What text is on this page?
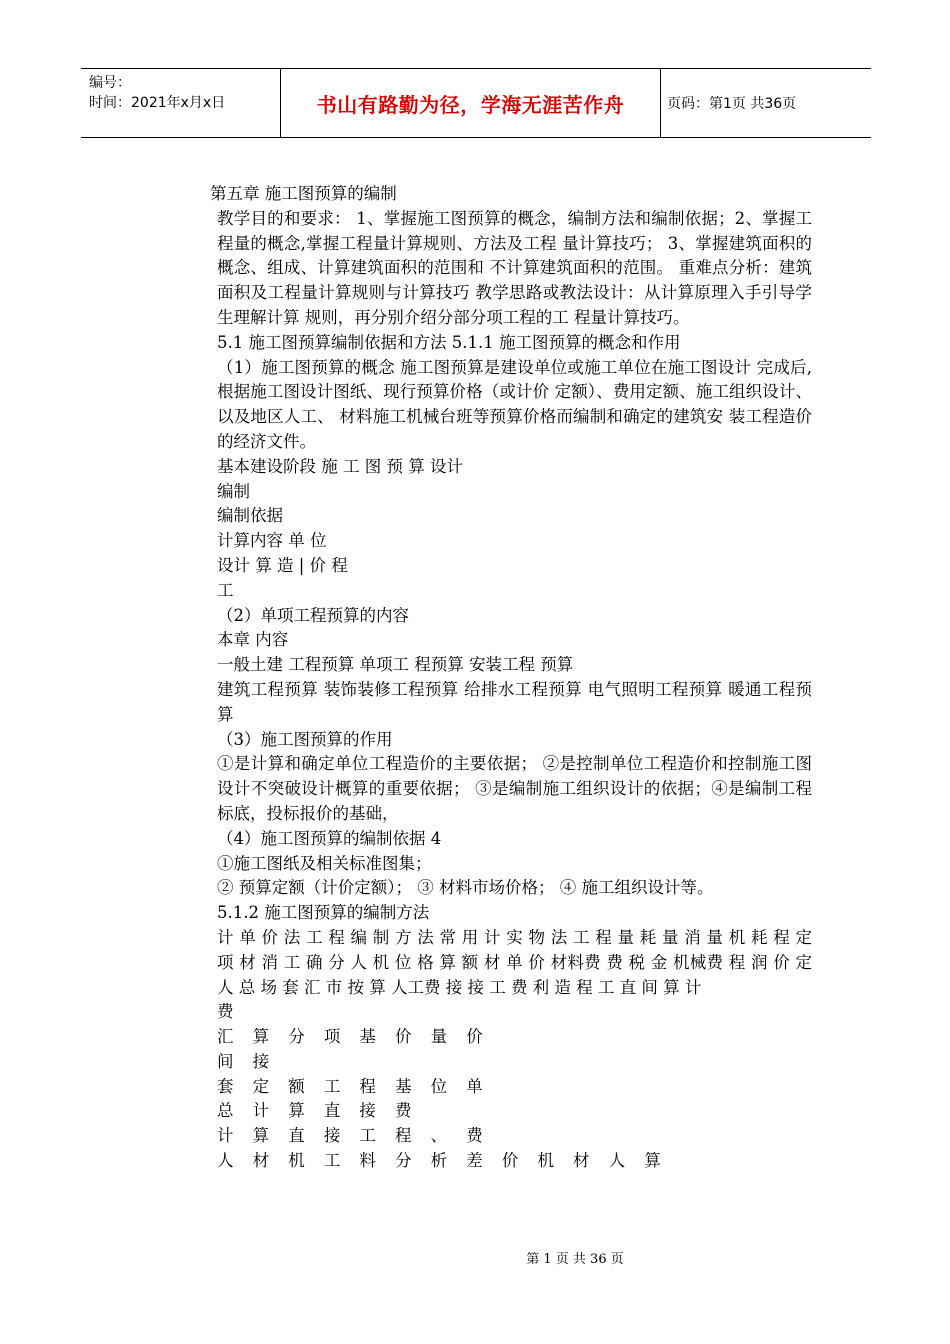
编号：
时间：2021年x月x日	书山有路勤为径，学海无涯苦作舟	页码：第1页 共36页

第五章 施工图预算的编制

教学目的和要求： 1、掌握施工图预算的概念，编制方法和编制依据；2、掌握工程量的概念,掌握工程量计算规则、方法及工程 量计算技巧； 3、掌握建筑面积的概念、组成、计算建筑面积的范围和 不计算建筑面积的范围。 重难点分析：建筑面积及工程量计算规则与计算技巧 教学思路或教法设计：从计算原理入手引导学生理解计算 规则，再分别介绍分部分项工程的工 程量计算技巧。

5.1 施工图预算编制依据和方法 5.1.1 施工图预算的概念和作用

（1）施工图预算的概念 施工图预算是建设单位或施工单位在施工图设计 完成后,根据施工图设计图纸、现行预算价格（或计价 定额）、费用定额、施工组织设计、以及地区人工、 材料施工机械台班等预算价格而编制和确定的建筑安 装工程造价的经济文件。

基本建设阶段 施 工 图 预 算 设计

编制

编制依据

计算内容 单 位

设计 算 造 | 价 程

工

（2）单项工程预算的内容

本章 内容

一般土建 工程预算 单项工 程预算 安装工程 预算

建筑工程预算 装饰装修工程预算 给排水工程预算 电气照明工程预算 暖通工程预算

（3）施工图预算的作用

①是计算和确定单位工程造价的主要依据； ②是控制单位工程造价和控制施工图设计不突破设计概算的重要依据； ③是编制施工组织设计的依据；④是编制工程标底，投标报价的基础，

（4）施工图预算的编制依据 4

①施工图纸及相关标准图集；

② 预算定额（计价定额）； ③ 材料市场价格； ④ 施工组织设计等。

5.1.2 施工图预算的编制方法

计 单 价 法 工 程 编 制 方 法 常 用 计 实 物 法 工 程 量 耗 量 消 量 机 耗 程 定 项 材 消 工 确 分 人 机 位 格 算 额 材 单 价 材料费 费 税 金 机械费 程 润 价 定 人 总 场 套 汇 市 按 算 人工费 接 接 工 费 利 造 程 工 直 间 算 计

费

汇 算 分 项 基 价 量 价

间 接

套 定 额 工 程 基 位 单

总 计 算 直 接 费

计 算 直 接 工 程 、 费

人 材 机 工 料 分 析 差 价 机 材 人 算

第 1 页 共 36 页
